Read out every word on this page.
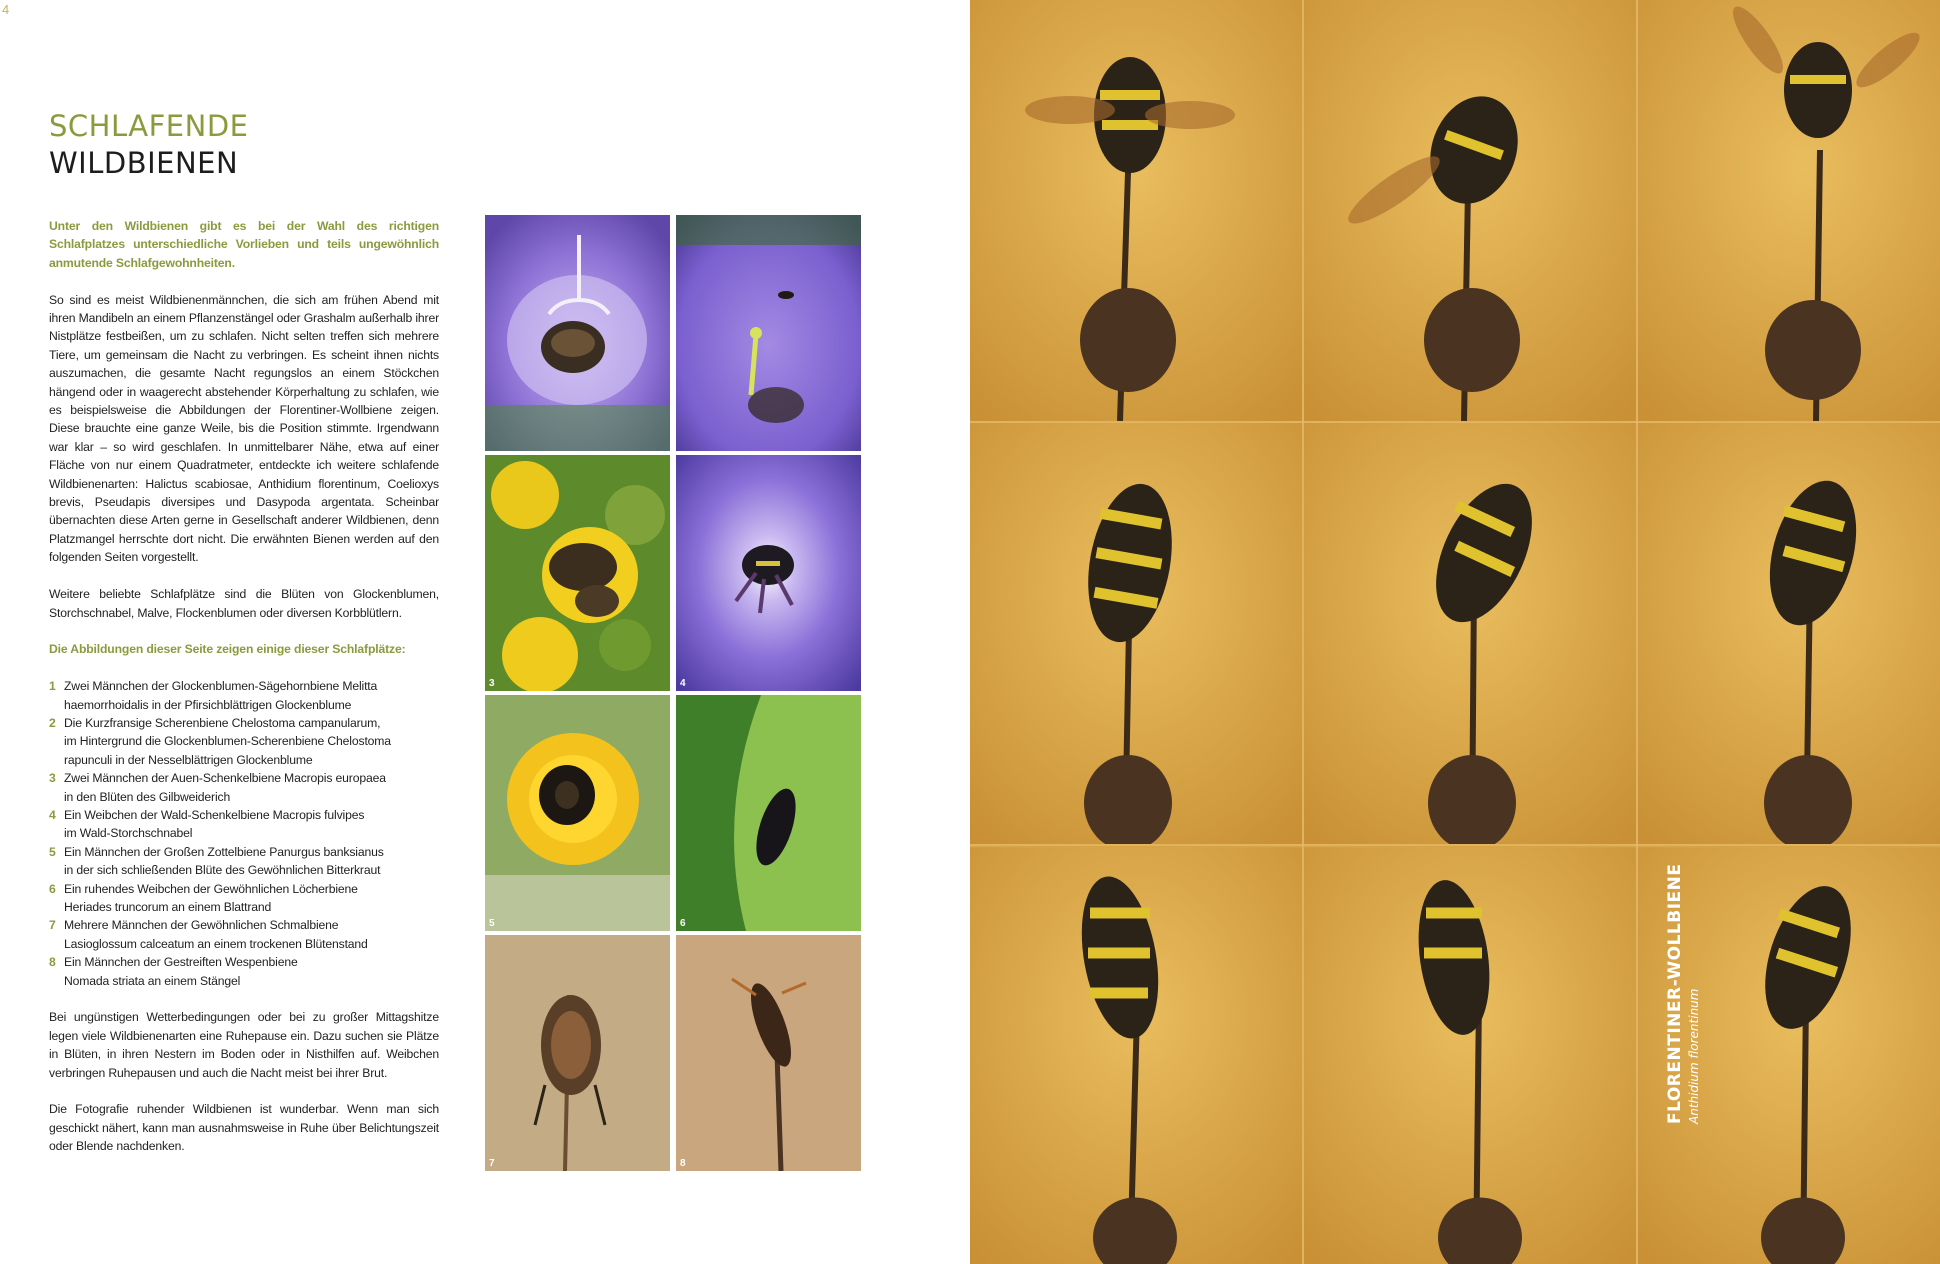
4
SCHLAFENDE
WILDBIENEN

Unter den Wildbienen gibt es bei der Wahl des richtigen Schlafplatzes unterschiedliche Vorlieben und teils ungewöhnlich anmutende Schlafgewohnheiten.

So sind es meist Wildbienenmännchen, die sich am frühen Abend mit ihren Mandibeln an einem Pflanzenstängel oder Grashalm außerhalb ihrer Nistplätze festbeißen, um zu schlafen. Nicht selten treffen sich mehrere Tiere, um gemeinsam die Nacht zu verbringen. Es scheint ihnen nichts auszumachen, die gesamte Nacht regungslos an einem Stöckchen hängend oder in waagerecht abstehender Körperhaltung zu schlafen, wie es beispielsweise die Abbildungen der Florentiner-Wollbiene zeigen. Diese brauchte eine ganze Weile, bis die Position stimmte. Irgendwann war klar – so wird geschlafen. In unmittelbarer Nähe, etwa auf einer Fläche von nur einem Quadratmeter, entdeckte ich weitere schlafende Wildbienenarten: Halictus scabiosae, Anthidium florentinum, Coelioxys brevis, Pseudapis diversipes und Dasypoda argentata. Scheinbar übernachten diese Arten gerne in Gesellschaft anderer Wildbienen, denn Platzmangel herrschte dort nicht. Die erwähnten Bienen werden auf den folgenden Seiten vorgestellt.

Weitere beliebte Schlafplätze sind die Blüten von Glockenblumen, Storchschnabel, Malve, Flockenblumen oder diversen Korbblütlern.

Die Abbildungen dieser Seite zeigen einige dieser Schlafplätze:

1 Zwei Männchen der Glockenblumen-Sägehornbiene Melitta
haemorrhoidalis in der Pfirsichblättrigen Glockenblume
2 Die Kurzfransige Scherenbiene Chelostoma campanularum,
im Hintergrund die Glockenblumen-Scherenbiene Chelostoma
rapunculi in der Nesselblättrigen Glockenblume
3 Zwei Männchen der Auen-Schenkelbiene Macropis europaea
in den Blüten des Gilbweiderich
4 Ein Weibchen der Wald-Schenkelbiene Macropis fulvipes
im Wald-Storchschnabel
5 Ein Männchen der Großen Zottelbiene Panurgus banksianus
in der sich schließenden Blüte des Gewöhnlichen Bitterkraut
6 Ein ruhendes Weibchen der Gewöhnlichen Löcherbiene
Heriades truncorum an einem Blattrand
7 Mehrere Männchen der Gewöhnlichen Schmalbiene
Lasioglossum calceatum an einem trockenen Blütenstand
8 Ein Männchen der Gestreiften Wespenbiene
Nomada striata an einem Stängel

Bei ungünstigen Wetterbedingungen oder bei zu großer Mittagshitze legen viele Wildbienenarten eine Ruhepause ein. Dazu suchen sie Plätze in Blüten, in ihren Nestern im Boden oder in Nisthilfen auf. Weibchen verbringen Ruhepausen und auch die Nacht meist bei ihrer Brut.

Die Fotografie ruhender Wildbienen ist wunderbar. Wenn man sich geschickt nähert, kann man ausnahmsweise in Ruhe über Belichtungszeit oder Blende nachdenken.

3	4
5	6
7	8
FLORENTINER-WOLLBIENE Anthidium florentinum
